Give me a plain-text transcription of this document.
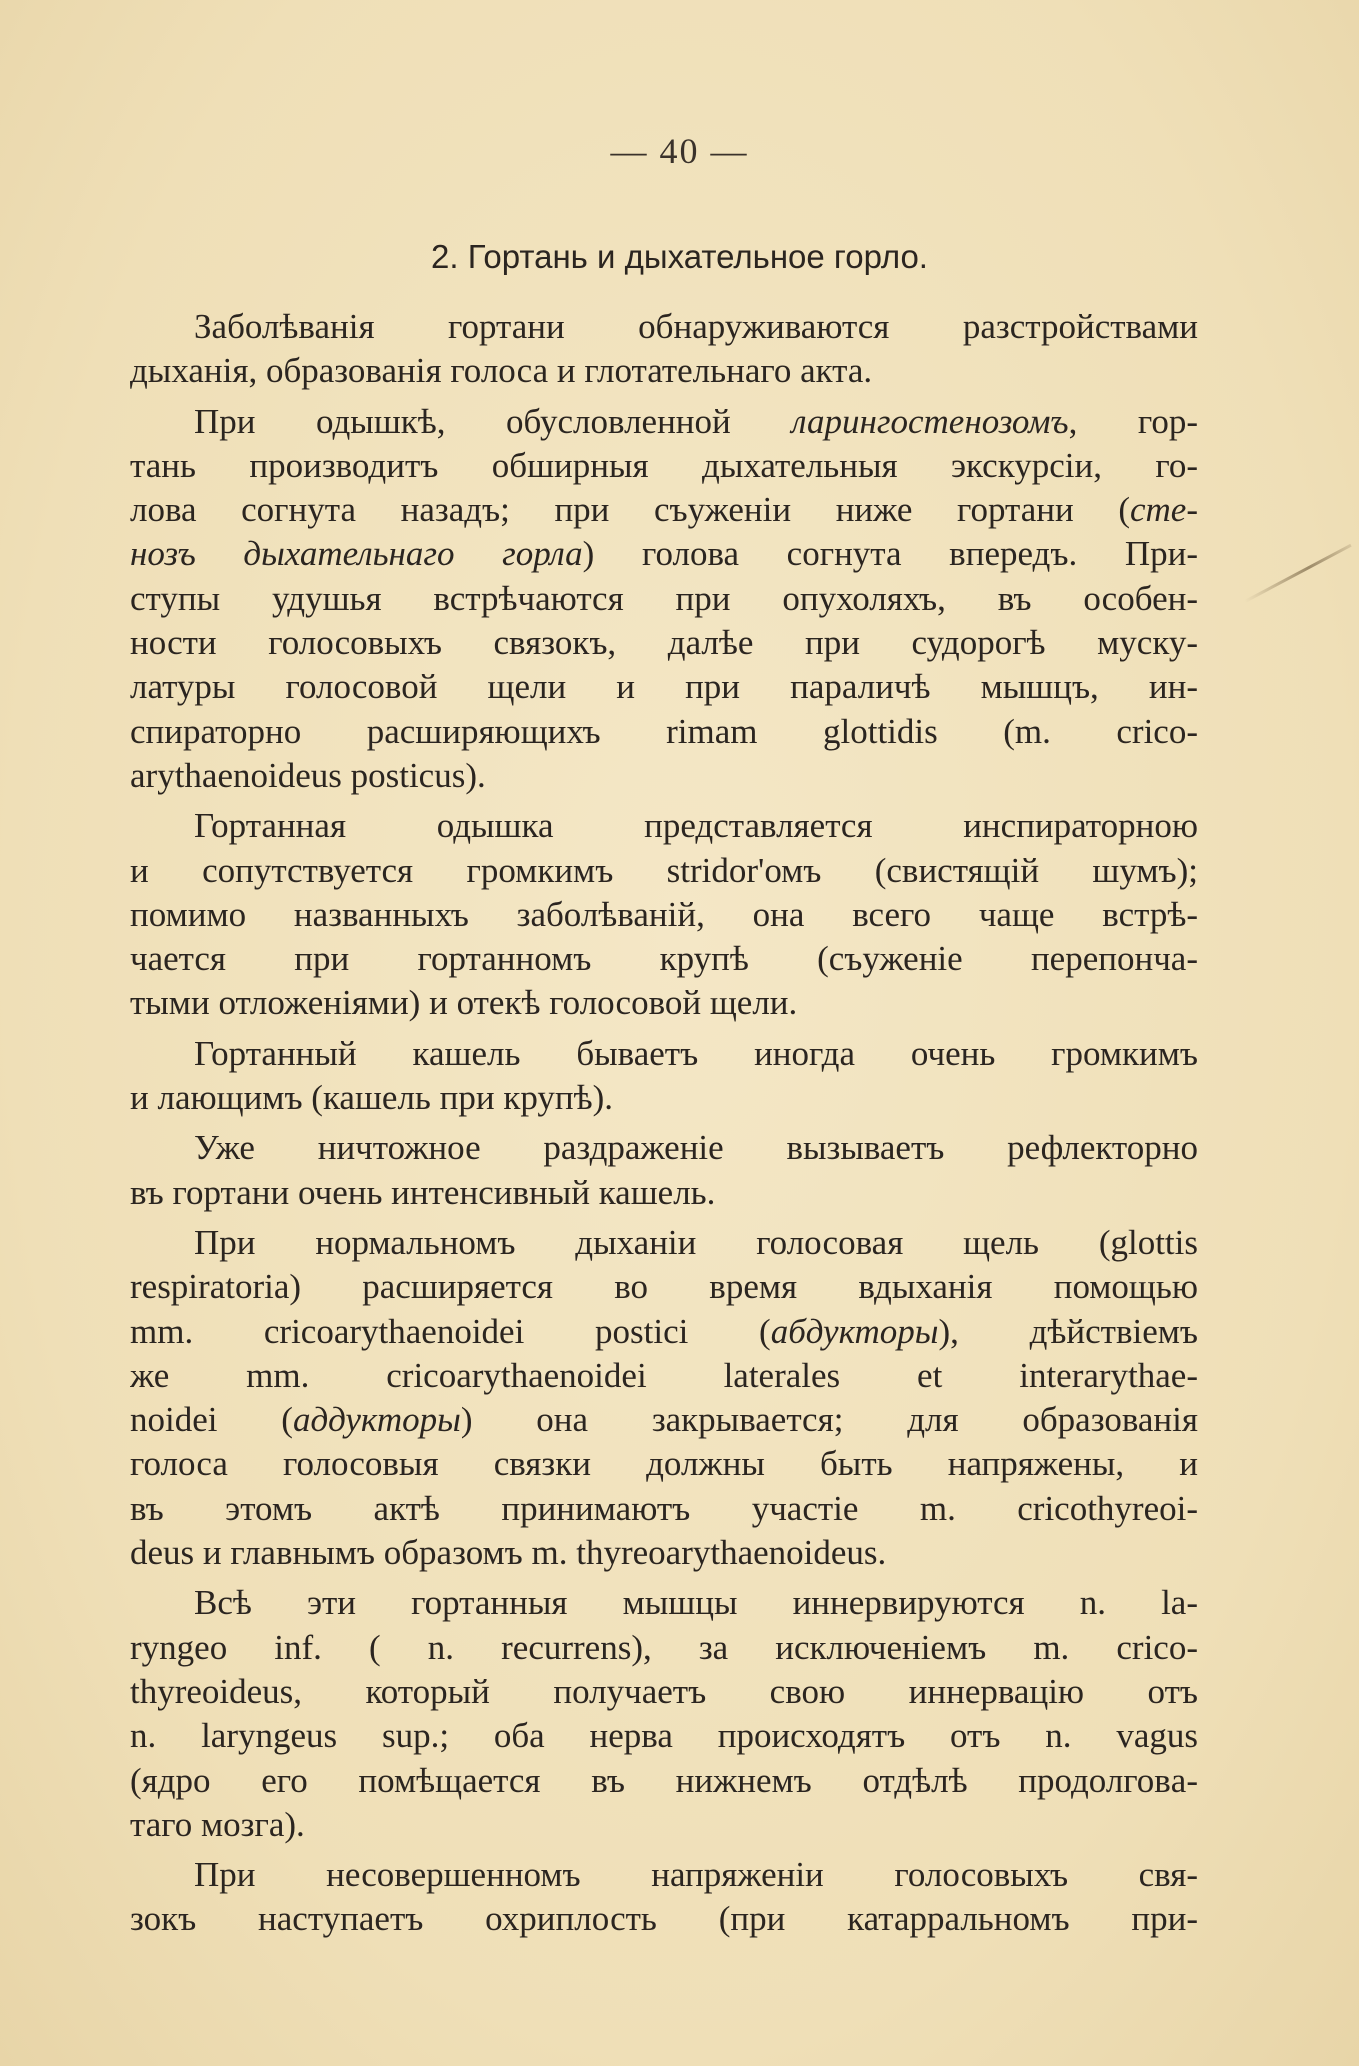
— 40 —
2. Гортань и дыхательное горло.
Заболѣванія гортани обнаруживаются разстройствами
дыханія, образованія голоса и глотательнаго акта.
При одышкѣ, обусловленной ларингостенозомъ, гор-
тань производитъ обширныя дыхательныя экскурсіи, го-
лова согнута назадъ; при съуженіи ниже гортани (сте-
нозъ дыхательнаго горла) голова согнута впередъ. При-
ступы удушья встрѣчаются при опухоляхъ, въ особен-
ности голосовыхъ связокъ, далѣе при судорогѣ муску-
латуры голосовой щели и при параличѣ мышцъ, ин-
спираторно расширяющихъ rimam glottidis (m. crico-
arythaenoideus posticus).
Гортанная одышка представляется инспираторною
и сопутствуется громкимъ stridor'омъ (свистящій шумъ);
помимо названныхъ заболѣваній, она всего чаще встрѣ-
чается при гортанномъ крупѣ (съуженіе перепонча-
тыми отложеніями) и отекѣ голосовой щели.
Гортанный кашель бываетъ иногда очень громкимъ
и лающимъ (кашель при крупѣ).
Уже ничтожное раздраженіе вызываетъ рефлекторно
въ гортани очень интенсивный кашель.
При нормальномъ дыханіи голосовая щель (glottis
respiratoria) расширяется во время вдыханія помощью
mm. cricoarythaenoidei postici (абдукторы), дѣйствіемъ
же mm. cricoarythaenoidei laterales et interarythae-
noidei (аддукторы) она закрывается; для образованія
голоса голосовыя связки должны быть напряжены, и
въ этомъ актѣ принимаютъ участіе m. cricothyreoi-
deus и главнымъ образомъ m. thyreoarythaenoideus.
Всѣ эти гортанныя мышцы иннервируются n. la-
ryngeo inf. ( n. recurrens), за исключеніемъ m. crico-
thyreoideus, который получаетъ свою иннервацію отъ
n. laryngeus sup.; оба нерва происходятъ отъ n. vagus
(ядро его помѣщается въ нижнемъ отдѣлѣ продолговa-
таго мозга).
При несовершенномъ напряженіи голосовыхъ свя-
зокъ наступаетъ охриплость (при катарральномъ при-
